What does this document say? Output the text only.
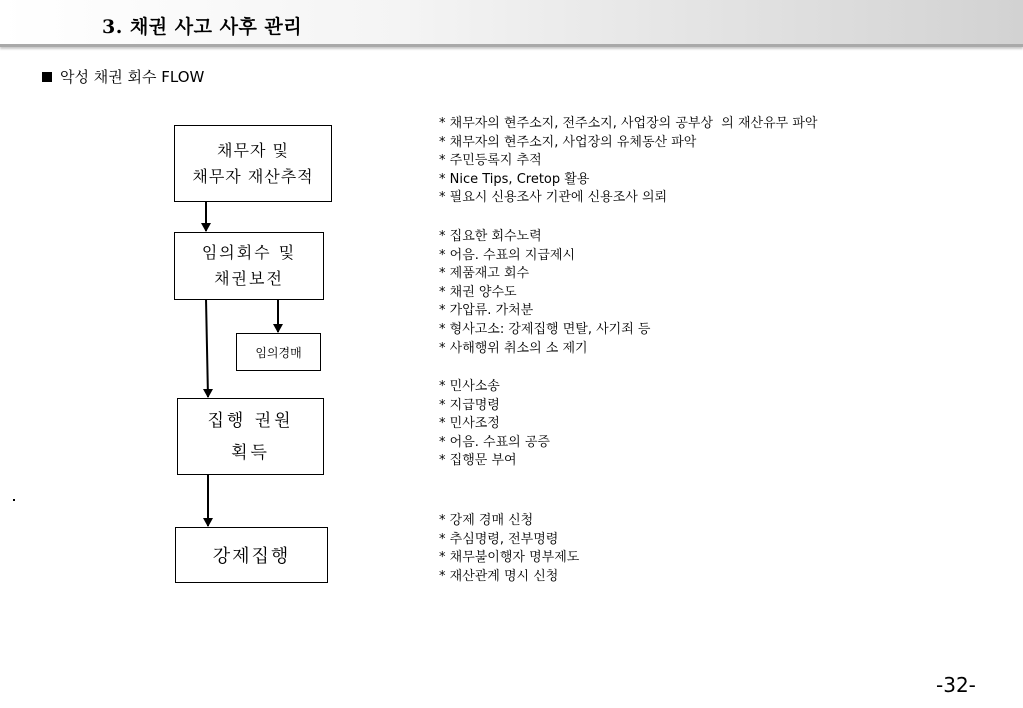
3. 채권 사고 사후 관리
악성 채권 회수 FLOW
채무자 및
채무자 재산추적
임의회수 및
채권보전
임의경매
집행 권원
획득
강제집행
* 채무자의 현주소지, 전주소지, 사업장의 공부상  의 재산유무 파악
* 채무자의 현주소지, 사업장의 유체동산 파악
* 주민등록지 추적
* Nice Tips, Cretop 활용
* 필요시 신용조사 기관에 신용조사 의뢰
* 집요한 회수노력
* 어음. 수표의 지급제시
* 제품재고 회수
* 채권 양수도
* 가압류. 가처분
* 형사고소: 강제집행 면탈, 사기죄 등
* 사해행위 취소의 소 제기
* 민사소송
* 지급명령
* 민사조정
* 어음. 수표의 공증
* 집행문 부여
* 강제 경매 신청
* 추심명령, 전부명령
* 채무불이행자 명부제도
* 재산관계 명시 신청
-32-
